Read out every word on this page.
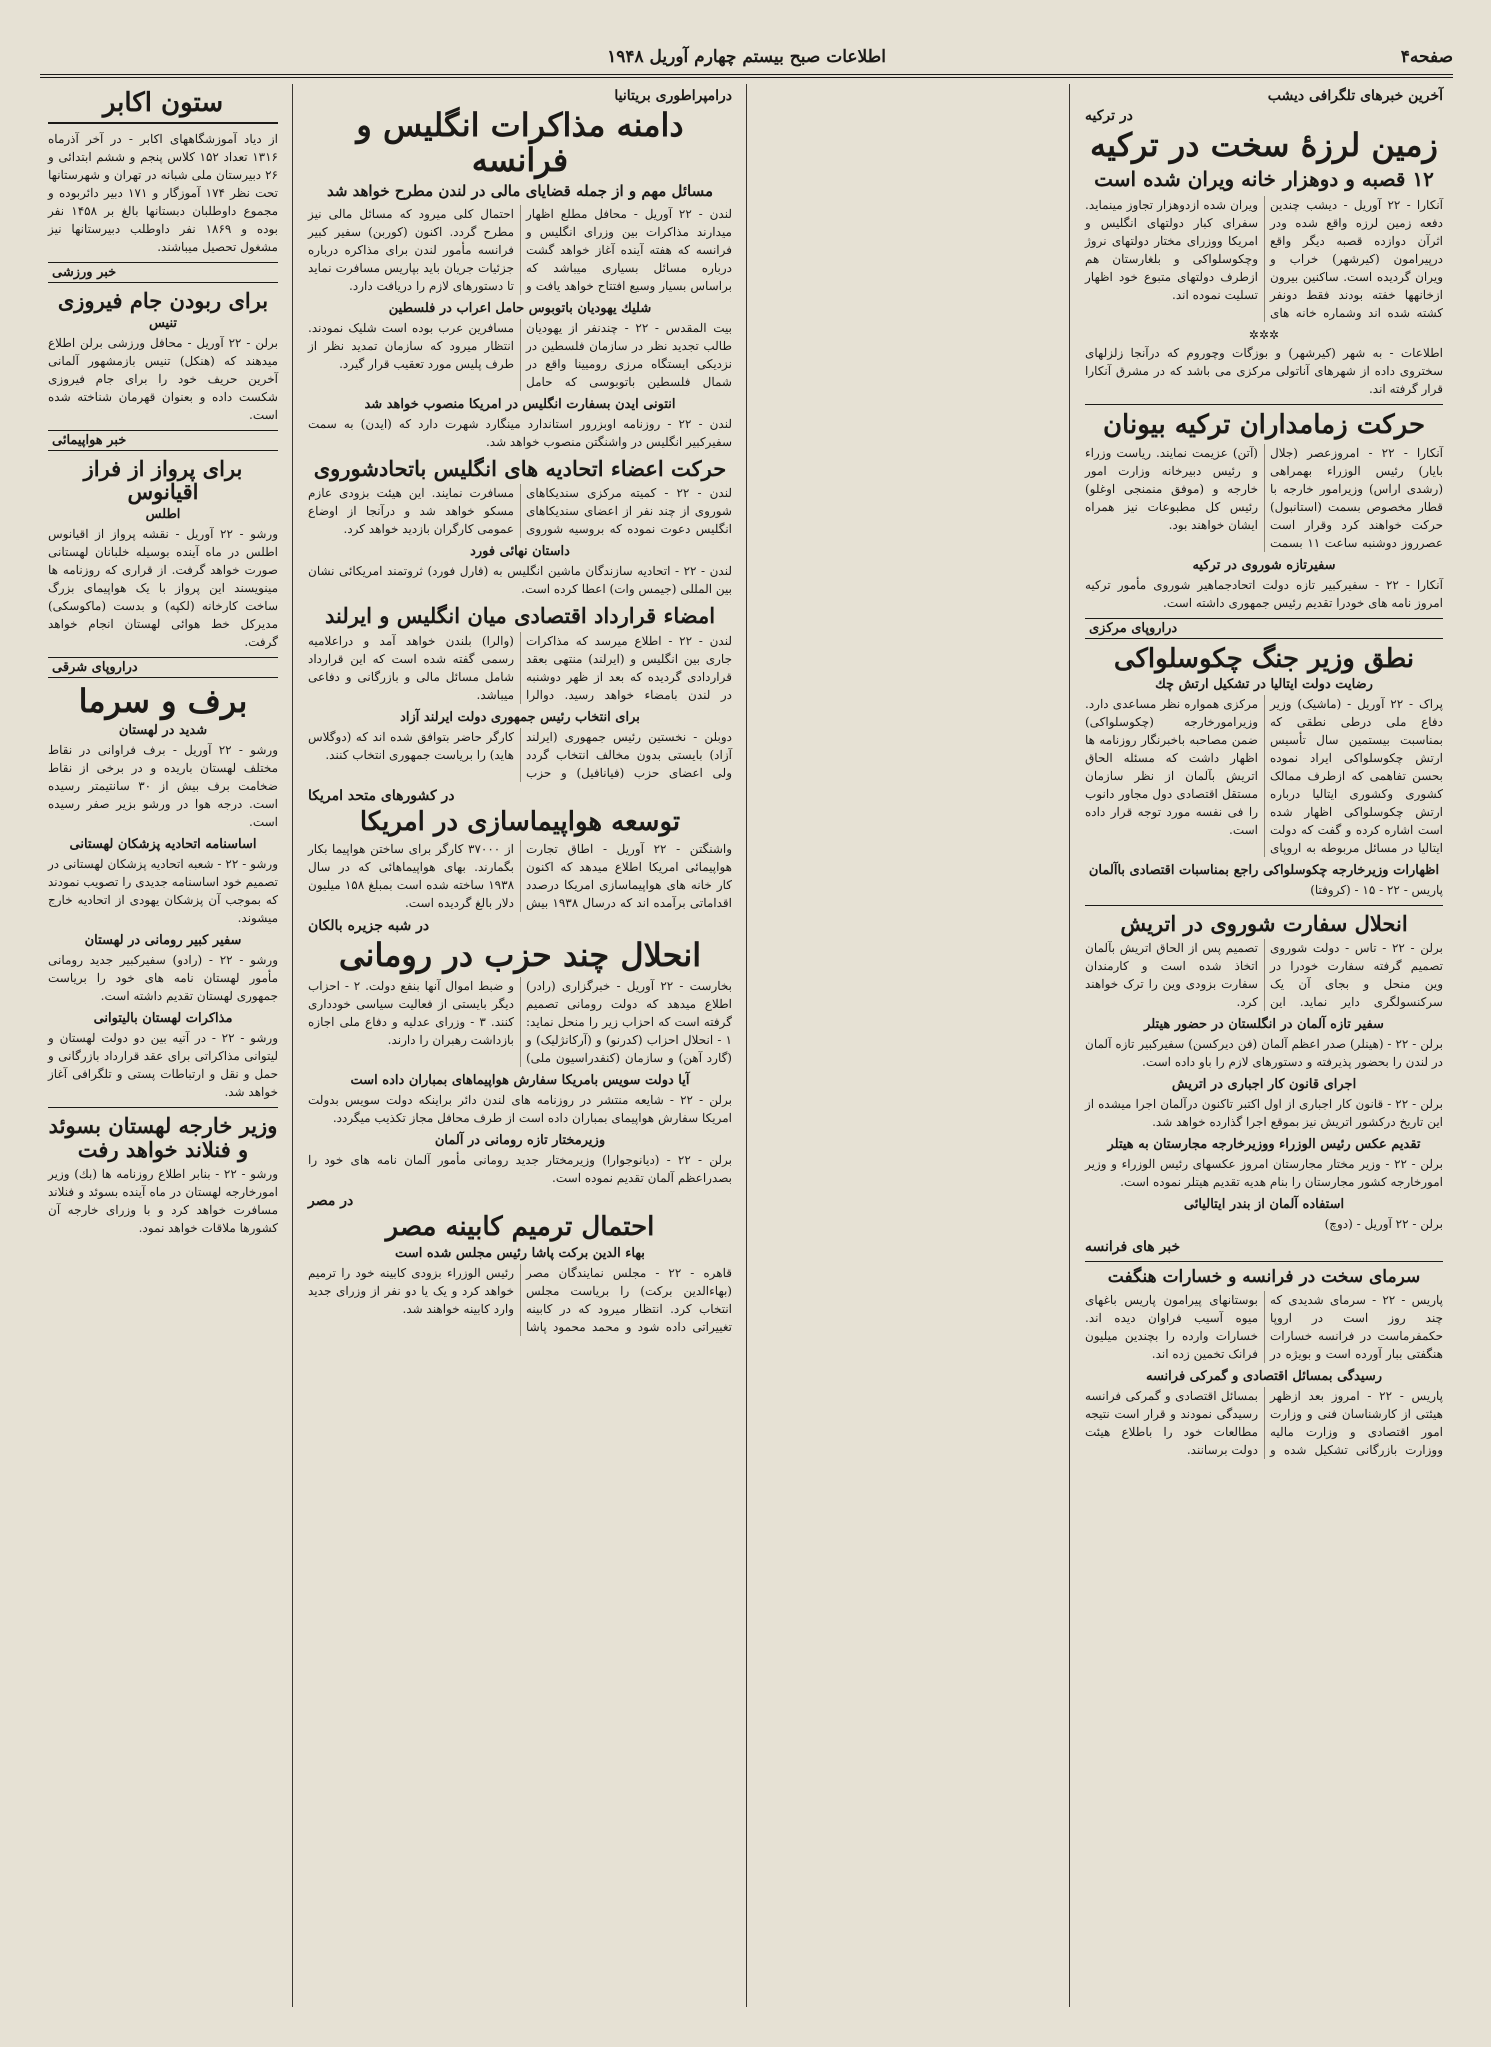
صفحه۴
اطلاعات صبح بیستم چهارم آوریل ۱۹۴۸
آخرین خبرهای تلگرافی دیشب
در ترکیه
زمین لرزهٔ سخت در ترکیه
۱۲ قصبه و دوهزار خانه ویران شده است
آنکارا - ۲۲ آوریل - دیشب چندین دفعه زمین لرزه واقع شده ودر اثرآن دوازده قصبه دیگر واقع درپیرامون (کیرشهر) خراب و ویران گردیده است. ساکنین بیرون ازخانهها خفته بودند فقط دونفر کشته شده اند وشماره خانه های ویران شده ازدوهزار تجاوز مینماید. سفرای کبار دولتهای انگلیس و امریکا ووزرای مختار دولتهای نروژ وچکوسلواکی و بلغارستان هم ازطرف دولتهای متبوع خود اظهار تسلیت نموده اند.
✲✲✲
اطلاعات - به شهر (کیرشهر) و بوزگات وچوروم که درآنجا زلزلهای سختروی داده از شهرهای آناتولی مرکزی می باشد که در مشرق آنکارا قرار گرفته اند.
حرکت زمامداران ترکیه بیونان
آنکارا - ۲۲ - امروزعصر (جلال بایار) رئیس الوزراء بهمراهی (رشدی اراس) وزیرامور خارجه با قطار مخصوص بسمت (استانبول) حرکت خواهند کرد وقرار است عصرروز دوشنبه ساعت ۱۱ بسمت (آتن) عزیمت نمایند. ریاست وزراء و رئیس دبیرخانه وزارت امور خارجه و (موفق منمنجی اوغلو) رئیس کل مطبوعات نیز همراه ایشان خواهند بود.
سفیرتازه شوروی در ترکیه
آنکارا - ۲۲ - سفیرکبیر تازه دولت اتحادجماهیر شوروی مأمور ترکیه امروز نامه های خودرا تقدیم رئیس جمهوری داشته است.
دراروپای مرکزی
نطق وزیر جنگ چکوسلواکی
رضایت دولت ایتالیا در تشکیل ارتش چك
پراک - ۲۲ آوریل - (ماشیک) وزیر دفاع ملی درطی نطقی که بمناسبت بیستمین سال تأسیس ارتش چکوسلواکی ایراد نموده بحسن تفاهمی که ازطرف ممالک کشوری وکشوری ایتالیا درباره ارتش چکوسلواکی اظهار شده است اشاره کرده و گفت که دولت ایتالیا در مسائل مربوطه به اروپای مرکزی همواره نظر مساعدی دارد. وزیرامورخارجه (چکوسلواکی) ضمن مصاحبه باخبرنگار روزنامه ها اظهار داشت که مسئله الحاق اتریش بآلمان از نظر سازمان مستقل اقتصادی دول مجاور دانوب را فی نفسه مورد توجه قرار داده است.
اظهارات وزیرخارجه چکوسلواکی راجع بمناسبات اقتصادی باآلمان
پاریس - ۲۲ - ۱۵ - (کروفتا)
انحلال سفارت شوروی در اتریش
برلن - ۲۲ - تاس - دولت شوروی تصمیم گرفته سفارت خودرا در وین منحل و بجای آن یک سرکنسولگری دایر نماید. این تصمیم پس از الحاق اتریش بآلمان اتخاذ شده است و کارمندان سفارت بزودی وین را ترک خواهند کرد.
سفیر تازه آلمان در انگلستان در حضور هیتلر
برلن - ۲۲ - (هینلر) صدر اعظم آلمان (فن دیرکسن) سفیرکبیر تازه آلمان در لندن را بحضور پذیرفته و دستورهای لازم را باو داده است.
اجرای قانون کار اجباری در اتریش
برلن - ۲۲ - قانون کار اجباری از اول اکتبر تاکنون درآلمان اجرا میشده از این تاریخ درکشور اتریش نیز بموقع اجرا گذارده خواهد شد.
تقدیم عکس رئیس الوزراء ووزیرخارجه مجارستان به هیتلر
برلن - ۲۲ - وزیر مختار مجارستان امروز عکسهای رئیس الوزراء و وزیر امورخارجه کشور مجارستان را بنام هدیه تقدیم هیتلر نموده است.
استفاده آلمان از بندر ایتالیائی
برلن - ۲۲ آوریل - (دوچ)
خبر های فرانسه
سرمای سخت در فرانسه و خسارات هنگفت
پاریس - ۲۲ - سرمای شدیدی که چند روز است در اروپا حکمفرماست در فرانسه خسارات هنگفتی ببار آورده است و بویژه در بوستانهای پیرامون پاریس باغهای میوه آسیب فراوان دیده اند. خسارات وارده را بچندین میلیون فرانک تخمین زده اند.
رسیدگی بمسائل اقتصادی و گمرکی فرانسه
پاریس - ۲۲ - امروز بعد ازظهر هیئتی از کارشناسان فنی و وزارت امور اقتصادی و وزارت مالیه ووزارت بازرگانی تشکیل شده و بمسائل اقتصادی و گمرکی فرانسه رسیدگی نمودند و قرار است نتیجه مطالعات خود را باطلاع هیئت دولت برسانند.
درامپراطوری بریتانیا
دامنه مذاکرات انگلیس و فرانسه
مسائل مهم و از جمله قضایای مالی در لندن مطرح خواهد شد
لندن - ۲۲ آوریل - محافل مطلع اظهار میدارند مذاکرات بین وزرای انگلیس و فرانسه که هفته آینده آغاز خواهد گشت درباره مسائل بسیاری میباشد که براساس بسیار وسیع افتتاح خواهد یافت و احتمال کلی میرود که مسائل مالی نیز مطرح گردد. اکنون (کوربن) سفیر کبیر فرانسه مأمور لندن برای مذاکره درباره جزئیات جریان باید بپاریس مسافرت نماید تا دستورهای لازم را دریافت دارد.
شلیك یهودیان باتوبوس حامل اعراب در فلسطین
بیت المقدس - ۲۲ - چندنفر از یهودیان طالب تجدید نظر در سازمان فلسطین در نزدیکی ایستگاه مرزی رومیینا واقع در شمال فلسطین باتوبوسی که حامل مسافرین عرب بوده است شلیک نمودند. انتظار میرود که سازمان تمدید نظر از طرف پلیس مورد تعقیب قرار گیرد.
انتونی ایدن بسفارت انگلیس در امریکا منصوب خواهد شد
لندن - ۲۲ - روزنامه اوبزرور استاندارد مینگارد شهرت دارد که (ایدن) به سمت سفیرکبیر انگلیس در واشنگتن منصوب خواهد شد.
حرکت اعضاء اتحادیه های انگلیس باتحادشوروی
لندن - ۲۲ - کمیته مرکزی سندیکاهای شوروی از چند نفر از اعضای سندیکاهای انگلیس دعوت نموده که بروسیه شوروی مسافرت نمایند. این هیئت بزودی عازم مسکو خواهد شد و درآنجا از اوضاع عمومی کارگران بازدید خواهد کرد.
داستان نهائی فورد
لندن - ۲۲ - اتحادیه سازندگان ماشین انگلیس به (فارل فورد) ثروتمند امریکائی نشان بین المللی (جیمس وات) اعطا کرده است.
امضاء قرارداد اقتصادی میان انگلیس و ایرلند
لندن - ۲۲ - اطلاع میرسد که مذاکرات جاری بین انگلیس و (ایرلند) منتهی بعقد قراردادی گردیده که بعد از ظهر دوشنبه در لندن بامضاء خواهد رسید. دوالرا (والرا) بلندن خواهد آمد و دراعلامیه رسمی گفته شده است که این قرارداد شامل مسائل مالی و بازرگانی و دفاعی میباشد.
برای انتخاب رئیس جمهوری دولت ایرلند آزاد
دوبلن - نخستین رئیس جمهوری (ایرلند آزاد) بایستی بدون مخالف انتخاب گردد ولی اعضای حزب (فیانافیل) و حزب کارگر حاضر بتوافق شده اند که (دوگلاس هاید) را بریاست جمهوری انتخاب کنند.
در کشورهای متحد امریکا
توسعه هواپیماسازی در امریکا
واشنگتن - ۲۲ آوریل - اطاق تجارت هواپیمائی امریکا اطلاع میدهد که اکنون کار خانه های هواپیماسازی امریکا درصدد اقداماتی برآمده اند که درسال ۱۹۳۸ بیش از ۳۷۰۰۰ کارگر برای ساختن هواپیما بکار بگمارند. بهای هواپیماهائی که در سال ۱۹۳۸ ساخته شده است بمبلغ ۱۵۸ میلیون دلار بالغ گردیده است.
در شبه جزیره بالکان
انحلال چند حزب در رومانی
بخارست - ۲۲ آوریل - خبرگزاری (رادر) اطلاع میدهد که دولت رومانی تصمیم گرفته است که احزاب زیر را منحل نماید: ۱ - انحلال احزاب (کدرنو) و (آرکانژلیک) و (گارد آهن) و سازمان (کنفدراسیون ملی) و ضبط اموال آنها بنفع دولت. ۲ - احزاب دیگر بایستی از فعالیت سیاسی خودداری کنند. ۳ - وزرای عدلیه و دفاع ملی اجازه بازداشت رهبران را دارند.
آیا دولت سویس بامریکا سفارش هواپیماهای بمباران داده است
برلن - ۲۲ - شایعه منتشر در روزنامه های لندن دائر براینکه دولت سویس بدولت امریکا سفارش هواپیمای بمباران داده است از طرف محافل مجاز تکذیب میگردد.
وزیرمختار تازه رومانی در آلمان
برلن - ۲۲ - (دیانوجوارا) وزیرمختار جدید رومانی مأمور آلمان نامه های خود را بصدراعظم آلمان تقدیم نموده است.
در مصر
احتمال ترمیم کابینه مصر
بهاء الدین برکت پاشا رئیس مجلس شده است
قاهره - ۲۲ - مجلس نمایندگان مصر (بهاءالدین برکت) را بریاست مجلس انتخاب کرد. انتظار میرود که در کابینه تغییراتی داده شود و محمد محمود پاشا رئیس الوزراء بزودی کابینه خود را ترمیم خواهد کرد و یک یا دو نفر از وزرای جدید وارد کابینه خواهند شد.
ستون اکابر
از دیاد آموزشگاههای اکابر - در آخر آذرماه ۱۳۱۶ تعداد ۱۵۲ کلاس پنجم و ششم ابتدائی و ۲۶ دبیرستان ملی شبانه در تهران و شهرستانها تحت نظر ۱۷۴ آموزگار و ۱۷۱ دبیر دائربوده و مجموع داوطلبان دبستانها بالغ بر ۱۴۵۸ نفر بوده و ۱۸۶۹ نفر داوطلب دبیرستانها نیز مشغول تحصیل میباشند.
خبر ورزشی
برای ربودن جام فیروزی
تنیس
برلن - ۲۲ آوریل - محافل ورزشی برلن اطلاع میدهند که (هنکل) تنیس بازمشهور آلمانی آخرین حریف خود را برای جام فیروزی شکست داده و بعنوان قهرمان شناخته شده است.
خبر هواپیمائی
برای پرواز از فراز اقیانوس
اطلس
ورشو - ۲۲ آوریل - نقشه پرواز از اقیانوس اطلس در ماه آینده بوسیله خلبانان لهستانی صورت خواهد گرفت. از قراری که روزنامه ها مینویسند این پرواز با یک هواپیمای بزرگ ساخت کارخانه (لکپه) و بدست (ماکوسکی) مدیرکل خط هوائی لهستان انجام خواهد گرفت.
دراروپای شرقی
برف و سرما
شدید در لهستان
ورشو - ۲۲ آوریل - برف فراوانی در نقاط مختلف لهستان باریده و در برخی از نقاط ضخامت برف بیش از ۳۰ سانتیمتر رسیده است. درجه هوا در ورشو بزیر صفر رسیده است.
اساسنامه اتحادیه پزشکان لهستانی
ورشو - ۲۲ - شعبه اتحادیه پزشکان لهستانی در تصمیم خود اساسنامه جدیدی را تصویب نمودند که بموجب آن پزشکان یهودی از اتحادیه خارج میشوند.
سفیر کبیر رومانی در لهستان
ورشو - ۲۲ - (رادو) سفیرکبیر جدید رومانی مأمور لهستان نامه های خود را بریاست جمهوری لهستان تقدیم داشته است.
مذاکرات لهستان بالیتوانی
ورشو - ۲۲ - در آتیه بین دو دولت لهستان و لیتوانی مذاکراتی برای عقد قرارداد بازرگانی و حمل و نقل و ارتباطات پستی و تلگرافی آغاز خواهد شد.
وزیر خارجه لهستان بسوئد و فنلاند خواهد رفت
ورشو - ۲۲ - بنابر اطلاع روزنامه ها (بك) وزیر امورخارجه لهستان در ماه آینده بسوئد و فنلاند مسافرت خواهد کرد و با وزرای خارجه آن کشورها ملاقات خواهد نمود.
